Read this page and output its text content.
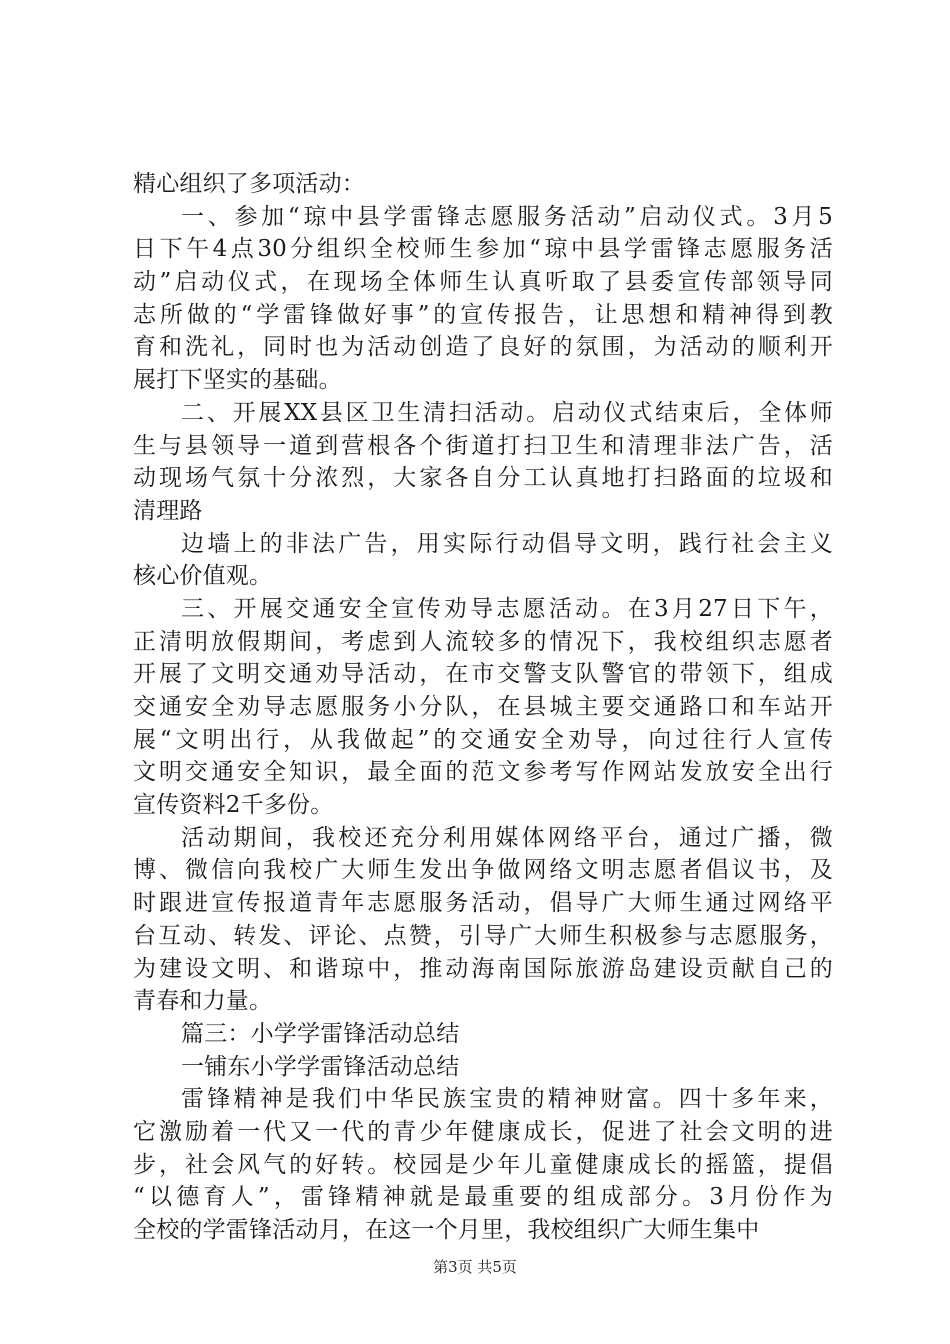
精心组织了多项活动：
一、参加“琼中县学雷锋志愿服务活动”启动仪式。3月5
日下午4点30分组织全校师生参加“琼中县学雷锋志愿服务活
动”启动仪式，在现场全体师生认真听取了县委宣传部领导同
志所做的“学雷锋做好事”的宣传报告，让思想和精神得到教
育和洗礼，同时也为活动创造了良好的氛围，为活动的顺利开
展打下坚实的基础。
二、开展XX县区卫生清扫活动。启动仪式结束后，全体师
生与县领导一道到营根各个街道打扫卫生和清理非法广告，活
动现场气氛十分浓烈，大家各自分工认真地打扫路面的垃圾和
清理路
边墙上的非法广告，用实际行动倡导文明，践行社会主义
核心价值观。
三、开展交通安全宣传劝导志愿活动。在3月27日下午，
正清明放假期间，考虑到人流较多的情况下，我校组织志愿者
开展了文明交通劝导活动，在市交警支队警官的带领下，组成
交通安全劝导志愿服务小分队，在县城主要交通路口和车站开
展“文明出行，从我做起”的交通安全劝导，向过往行人宣传
文明交通安全知识，最全面的范文参考写作网站发放安全出行
宣传资料2千多份。
活动期间，我校还充分利用媒体网络平台，通过广播，微
博、微信向我校广大师生发出争做网络文明志愿者倡议书，及
时跟进宣传报道青年志愿服务活动，倡导广大师生通过网络平
台互动、转发、评论、点赞，引导广大师生积极参与志愿服务，
为建设文明、和谐琼中，推动海南国际旅游岛建设贡献自己的
青春和力量。
篇三：小学学雷锋活动总结
一铺东小学学雷锋活动总结
雷锋精神是我们中华民族宝贵的精神财富。四十多年来，
它激励着一代又一代的青少年健康成长，促进了社会文明的进
步，社会风气的好转。校园是少年儿童健康成长的摇篮，提倡
“以德育人”，雷锋精神就是最重要的组成部分。3月份作为
全校的学雷锋活动月，在这一个月里，我校组织广大师生集中
第3页 共5页
